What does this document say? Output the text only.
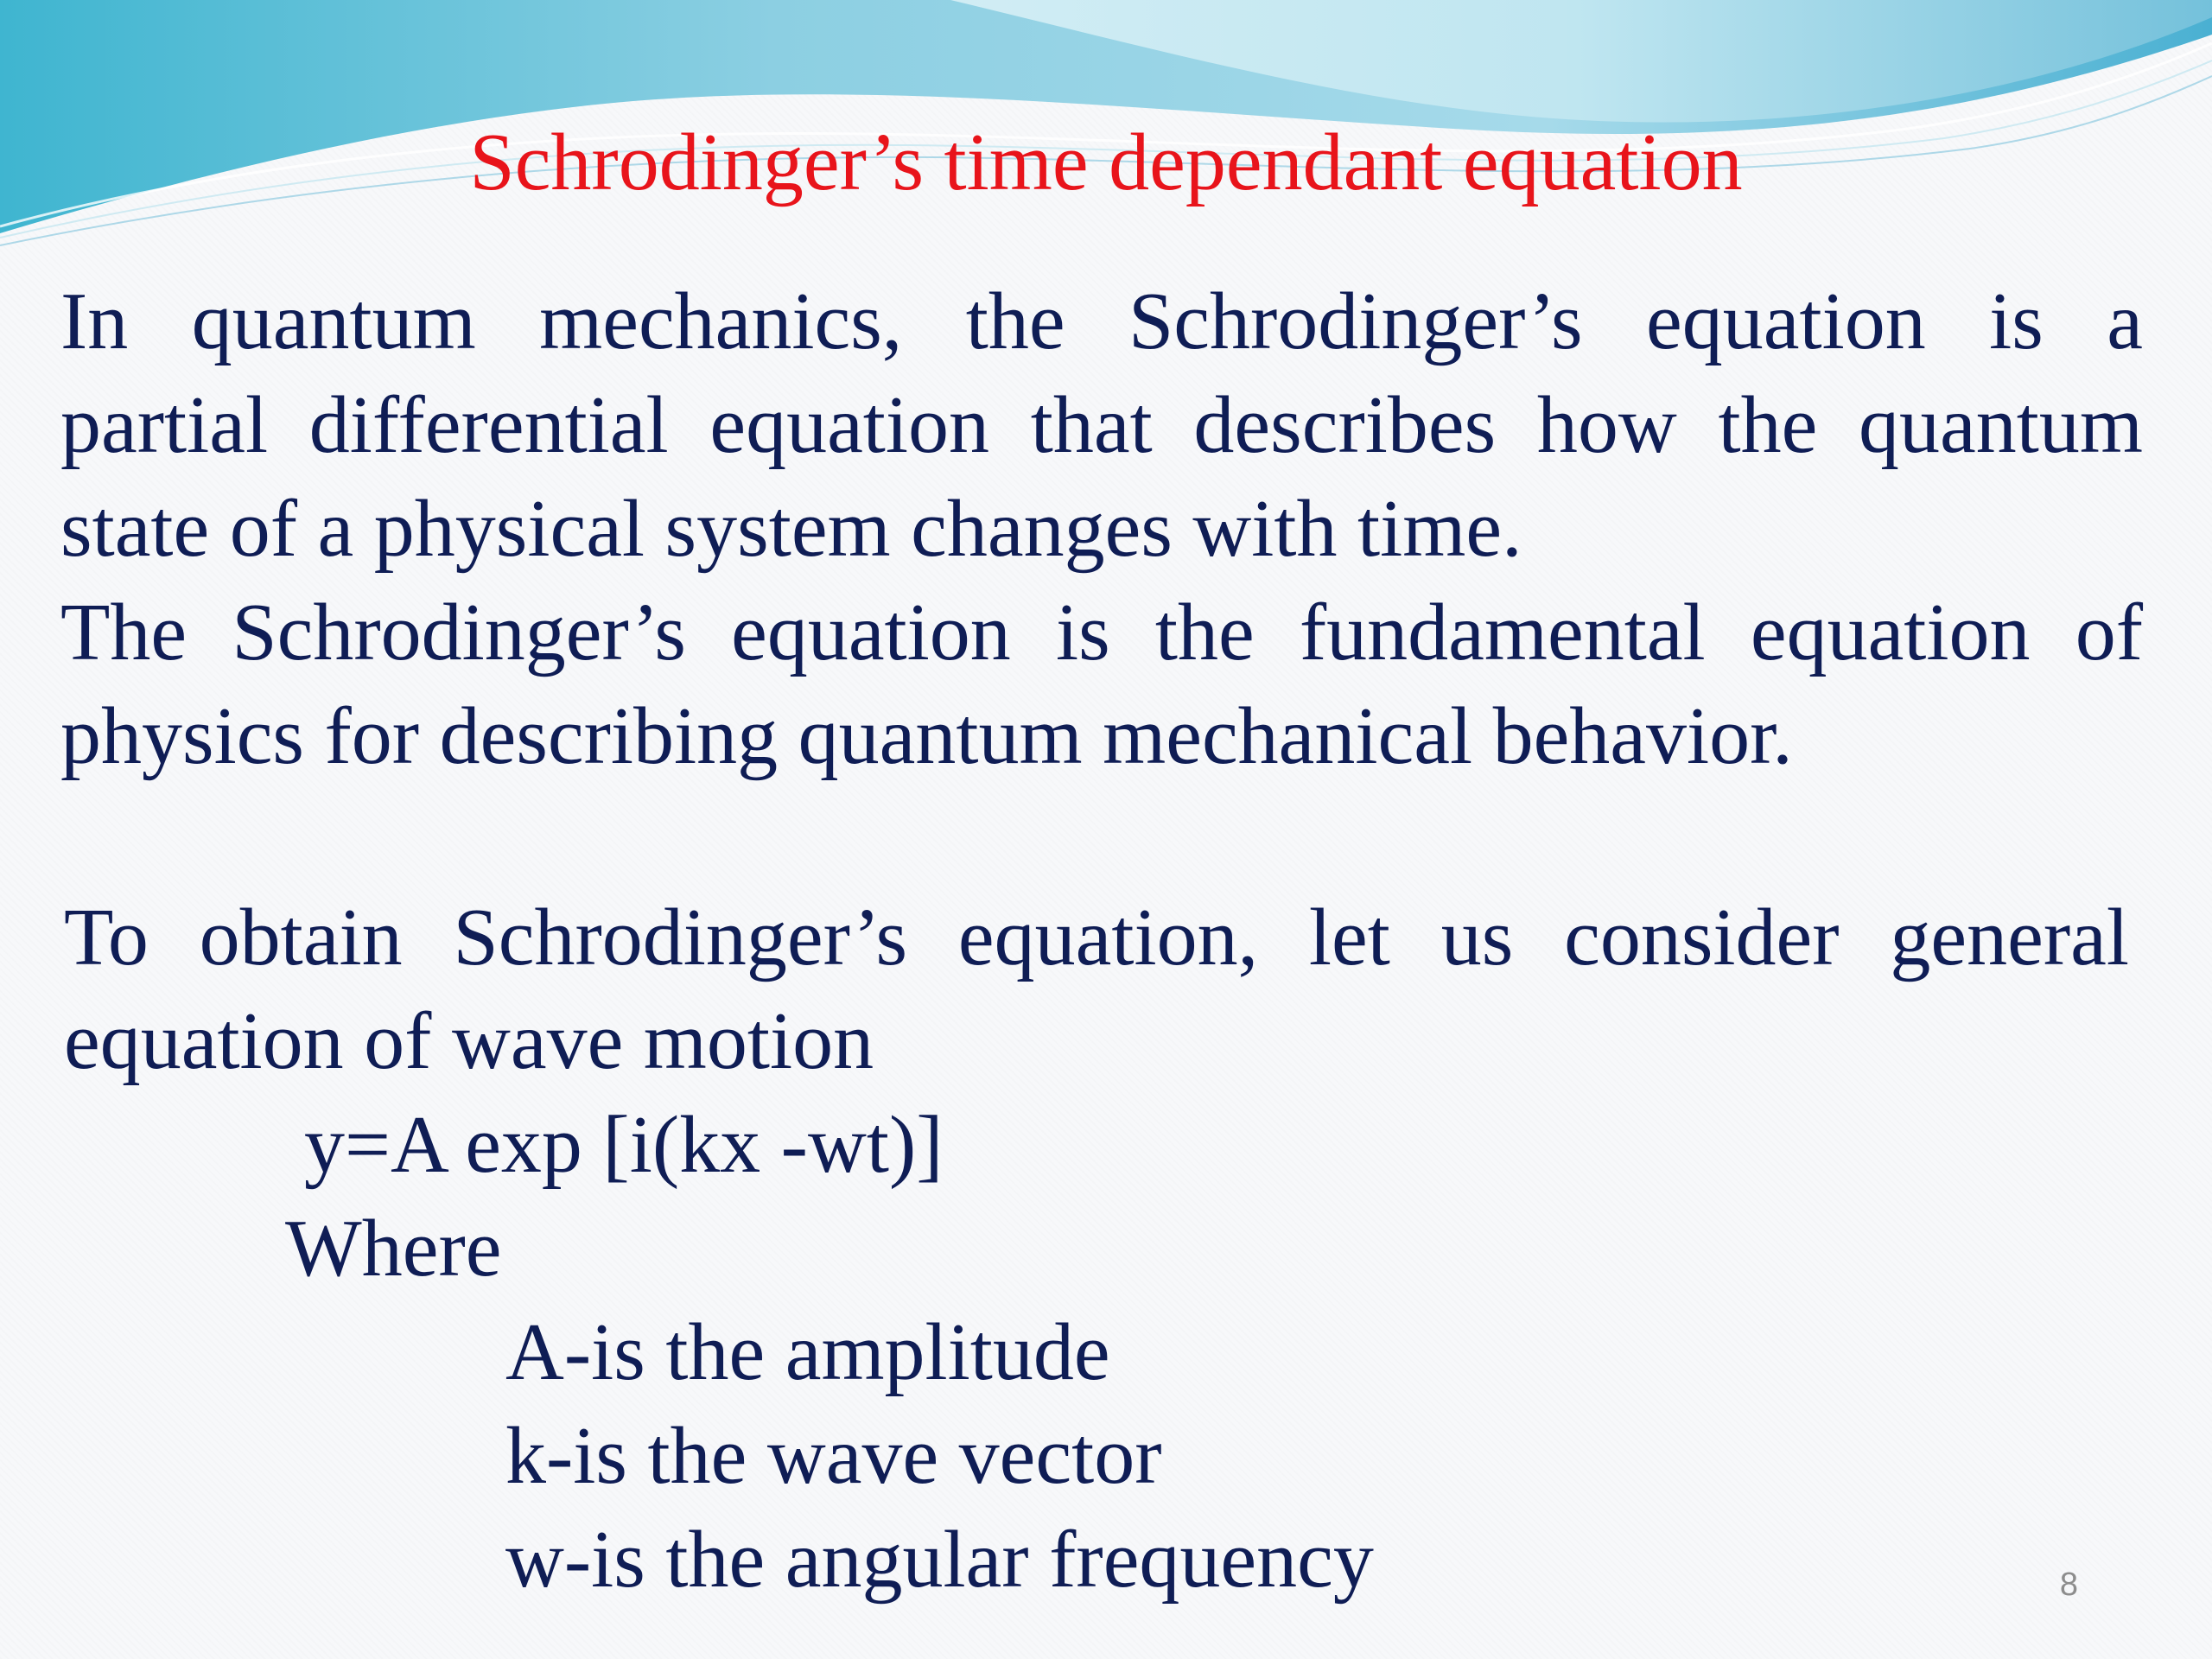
Schrodinger’s time dependant equation
In quantum mechanics, the Schrodinger’s equation is a
partial differential equation that describes how the quantum
state of a physical system changes with time.
The Schrodinger’s equation is the fundamental equation of
physics for describing quantum mechanical behavior.
To obtain Schrodinger’s equation, let us consider general
equation of wave motion
y=A exp [i(kx -wt)]
Where
A-is the amplitude
k-is the wave vector
w-is the angular frequency	8
